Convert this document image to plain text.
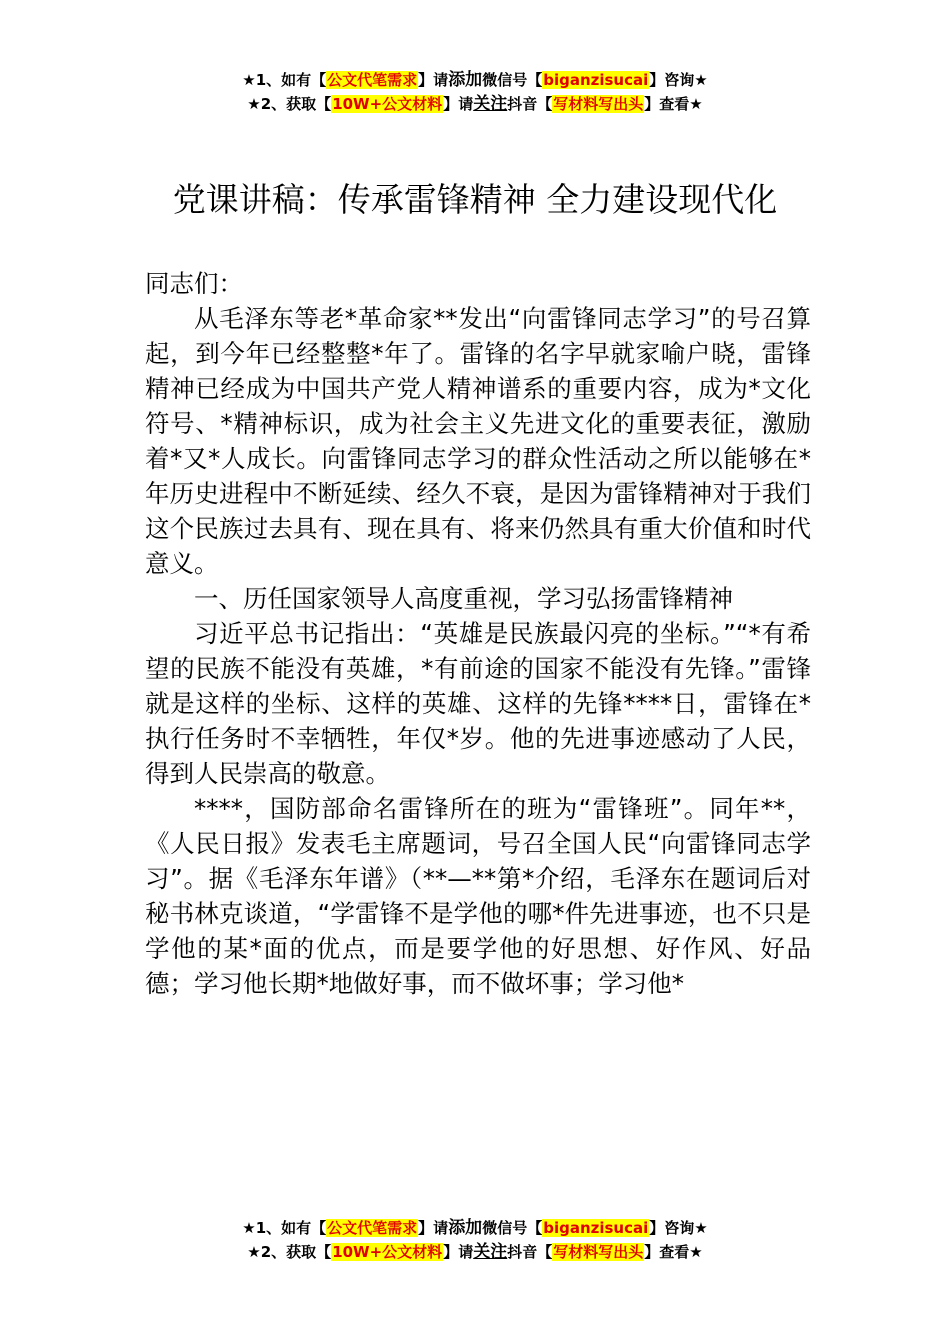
★1、如有【公文代笔需求】请添加微信号【biganzisucai】咨询★
★2、获取【10W+公文材料】请关注抖音【写材料写出头】查看★
党课讲稿：传承雷锋精神 全力建设现代化

同志们：

从毛泽东等老*革命家**发出“向雷锋同志学习”的号召算起，到今年已经整整*年了。雷锋的名字早就家喻户晓，雷锋精神已经成为中国共产党人精神谱系的重要内容，成为*文化符号、*精神标识，成为社会主义先进文化的重要表征，激励着*又*人成长。向雷锋同志学习的群众性活动之所以能够在*年历史进程中不断延续、经久不衰，是因为雷锋精神对于我们这个民族过去具有、现在具有、将来仍然具有重大价值和时代意义。

一、历任国家领导人高度重视，学习弘扬雷锋精神

习近平总书记指出：“英雄是民族最闪亮的坐标。”“*有希望的民族不能没有英雄，*有前途的国家不能没有先锋。”雷锋就是这样的坐标、这样的英雄、这样的先锋****日，雷锋在*执行任务时不幸牺牲，年仅*岁。他的先进事迹感动了人民，得到人民崇高的敬意。

****，国防部命名雷锋所在的班为“雷锋班”。同年**，《人民日报》发表毛主席题词，号召全国人民“向雷锋同志学习”。据《毛泽东年谱》（**—**第*介绍，毛泽东在题词后对秘书林克谈道，“学雷锋不是学他的哪*件先进事迹，也不只是学他的某*面的优点，而是要学他的好思想、好作风、好品德；学习他长期*地做好事，而不做坏事；学习他*

★1、如有【公文代笔需求】请添加微信号【biganzisucai】咨询★
★2、获取【10W+公文材料】请关注抖音【写材料写出头】查看★
